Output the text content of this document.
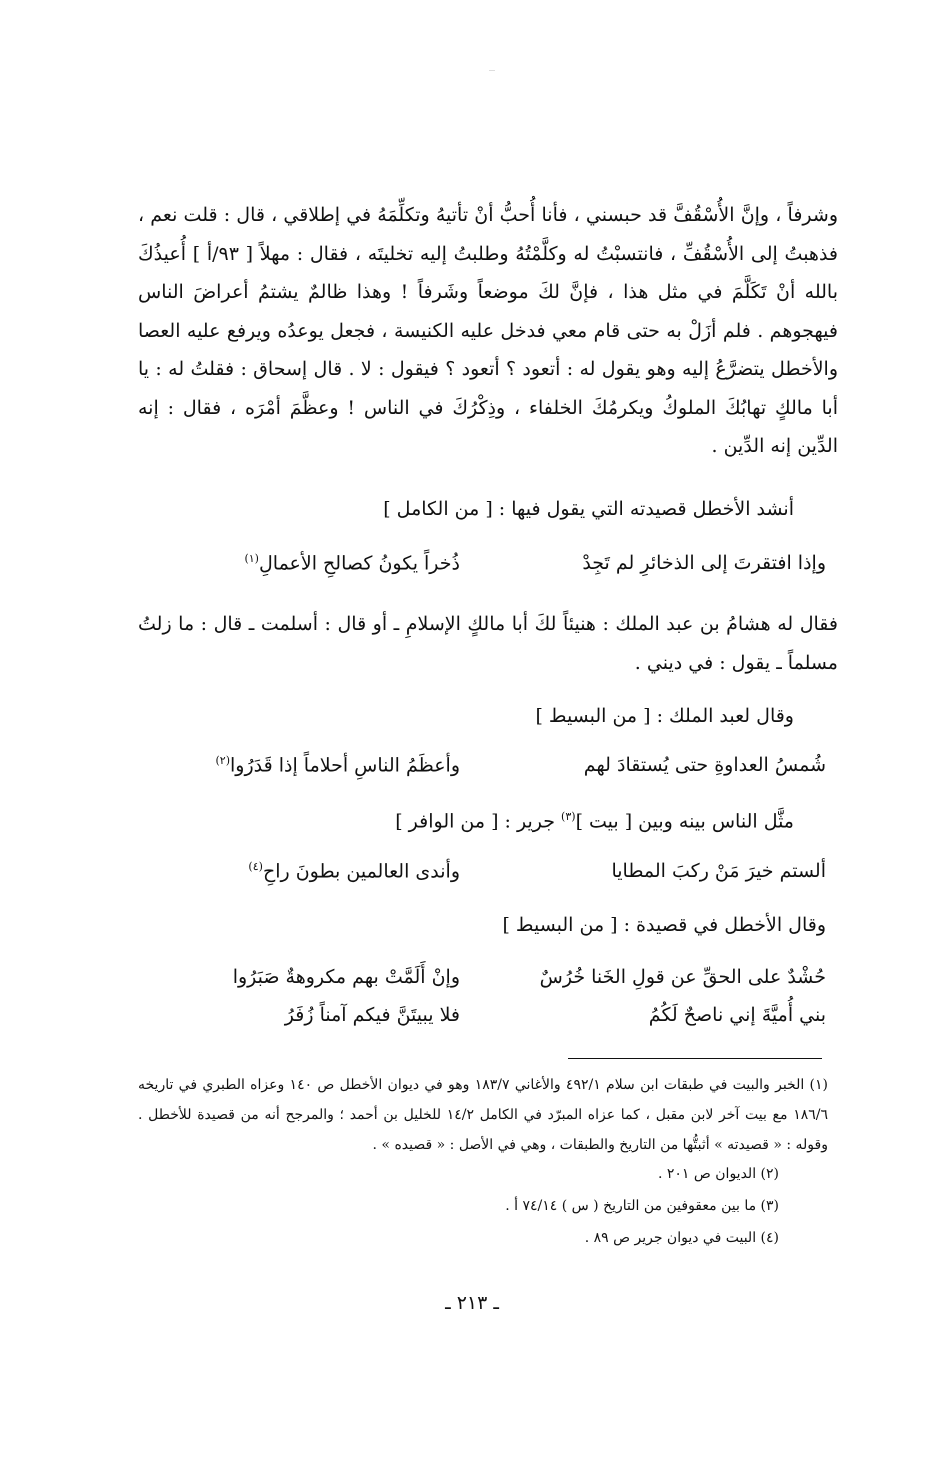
وشرفاً ، وإنَّ الأُسْقُفَّ قد حبسني ، فأنا أُحبُّ أنْ تأتيهُ وتكلِّمَهُ في إطلاقي ، قال : قلت نعم ، فذهبتُ إلى الأُسْقُفِّ ، فانتسبْتُ له وكلَّمْتُهُ وطلبتُ إليه تخليتَه ، فقال : مهلاً [ ٩٣/أ ] أُعيذُكَ بالله أنْ تَكَلَّمَ في مثل هذا ، فإنَّ لكَ موضعاً وشَرفاً ! وهذا ظالمٌ يشتمُ أعراضَ الناس فيهجوهم . فلم أزَلْ به حتى قام معي فدخل عليه الكنيسة ، فجعل يوعدُه ويرفع عليه العصا والأخطل يتضرَّعُ إليه وهو يقول له : أتعود ؟ أتعود ؟ فيقول : لا . قال إسحاق : فقلتُ له : يا أبا مالكٍ تهابُكَ الملوكُ ويكرمُكَ الخلفاء ، وذِكْرُكَ في الناس ! وعظَّمَ أمْرَه ، فقال : إنه الدِّين إنه الدِّين .

أنشد الأخطل قصيدته التي يقول فيها : [ من الكامل ]
وإذا افتقرتَ إلى الذخائرِ لم تَجِدْ
ذُخراً يكونُ كصالحِ الأعمالِ$^{(١)}$

فقال له هشامُ بن عبد الملك : هنيئاً لكَ أبا مالكٍ الإسلامِ ـ أو قال : أسلمت ـ قال : ما زلتُ مسلماً ـ يقول : في ديني .

وقال لعبد الملك : [ من البسيط ]
شُمسُ العداوةِ حتى يُستقادَ لهم
وأعظَمُ الناسِ أحلاماً إذا قَدَرُوا$^{(٢)}$
مثَّل الناس بينه وبين [ بيت ]$^{(٣)}$ جرير : [ من الوافر ]
ألستم خيرَ مَنْ ركبَ المطايا
وأندى العالمين بطونَ راحِ$^{(٤)}$
وقال الأخطل في قصيدة : [ من البسيط ]
حُشْدٌ على الحقِّ عن قولِ الخَنا خُرُسٌ
وإنْ أَلَمَّتْ بهم مكروهةٌ صَبَرُوا
بني أُميَّةَ إني ناصحٌ لَكُمُ
فلا يبيتَنَّ فيكم آمناً زُفَرُ

(١) الخبر والبيت في طبقات ابن سلام ٤٩٢/١ والأغاني ١٨٣/٧ وهو في ديوان الأخطل ص ١٤٠ وعزاه الطبري في تاريخه ١٨٦/٦ مع بيت آخر لابن مقبل ، كما عزاه المبرّد في الكامل ١٤/٢ للخليل بن أحمد ؛ والمرجح أنه من قصيدة للأخطل . وقوله : « قصيدته » أثبتُّها من التاريخ والطبقات ، وهي في الأصل : « قصيده » .

(٢) الديوان ص ٢٠١ .
(٣) ما بين معقوفين من التاريخ ( س ) ٧٤/١٤ أ .
(٤) البيت في ديوان جرير ص ٨٩ .
ـ ٢١٣ ـ
